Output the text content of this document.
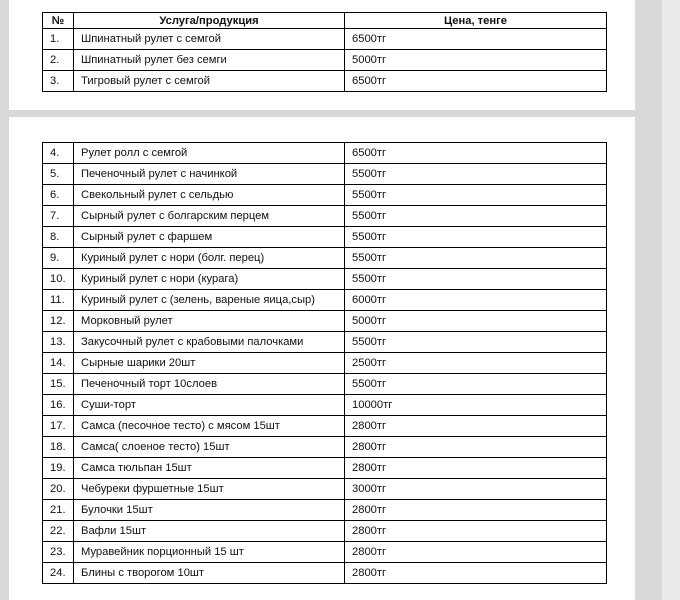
№	Услуга/продукция	Цена, тенге
1.	Шпинатный рулет с семгой	6500тг
2.	Шпинатный рулет без семги	5000тг
3.	Тигровый рулет с семгой	6500тг
4.	Рулет ролл с семгой	6500тг
5.	Печеночный рулет с начинкой	5500тг
6.	Свекольный рулет с сельдью	5500тг
7.	Сырный рулет с болгарским перцем	5500тг
8.	Сырный рулет с фаршем	5500тг
9.	Куриный рулет с нори (болг. перец)	5500тг
10.	Куриный рулет с нори (курага)	5500тг
11.	Куриный рулет с (зелень, вареные яица,сыр)	6000тг
12.	Морковный рулет	5000тг
13.	Закусочный рулет с крабовыми палочками	5500тг
14.	Сырные шарики 20шт	2500тг
15.	Печеночный торт 10слоев	5500тг
16.	Суши-торт	10000тг
17.	Самса (песочное тесто) с мясом 15шт	2800тг
18.	Самса( слоеное тесто) 15шт	2800тг
19.	Самса тюльпан 15шт	2800тг
20.	Чебуреки фуршетные 15шт	3000тг
21.	Булочки 15шт	2800тг
22.	Вафли 15шт	2800тг
23.	Муравейник порционный 15 шт	2800тг
24.	Блины с творогом 10шт	2800тг
